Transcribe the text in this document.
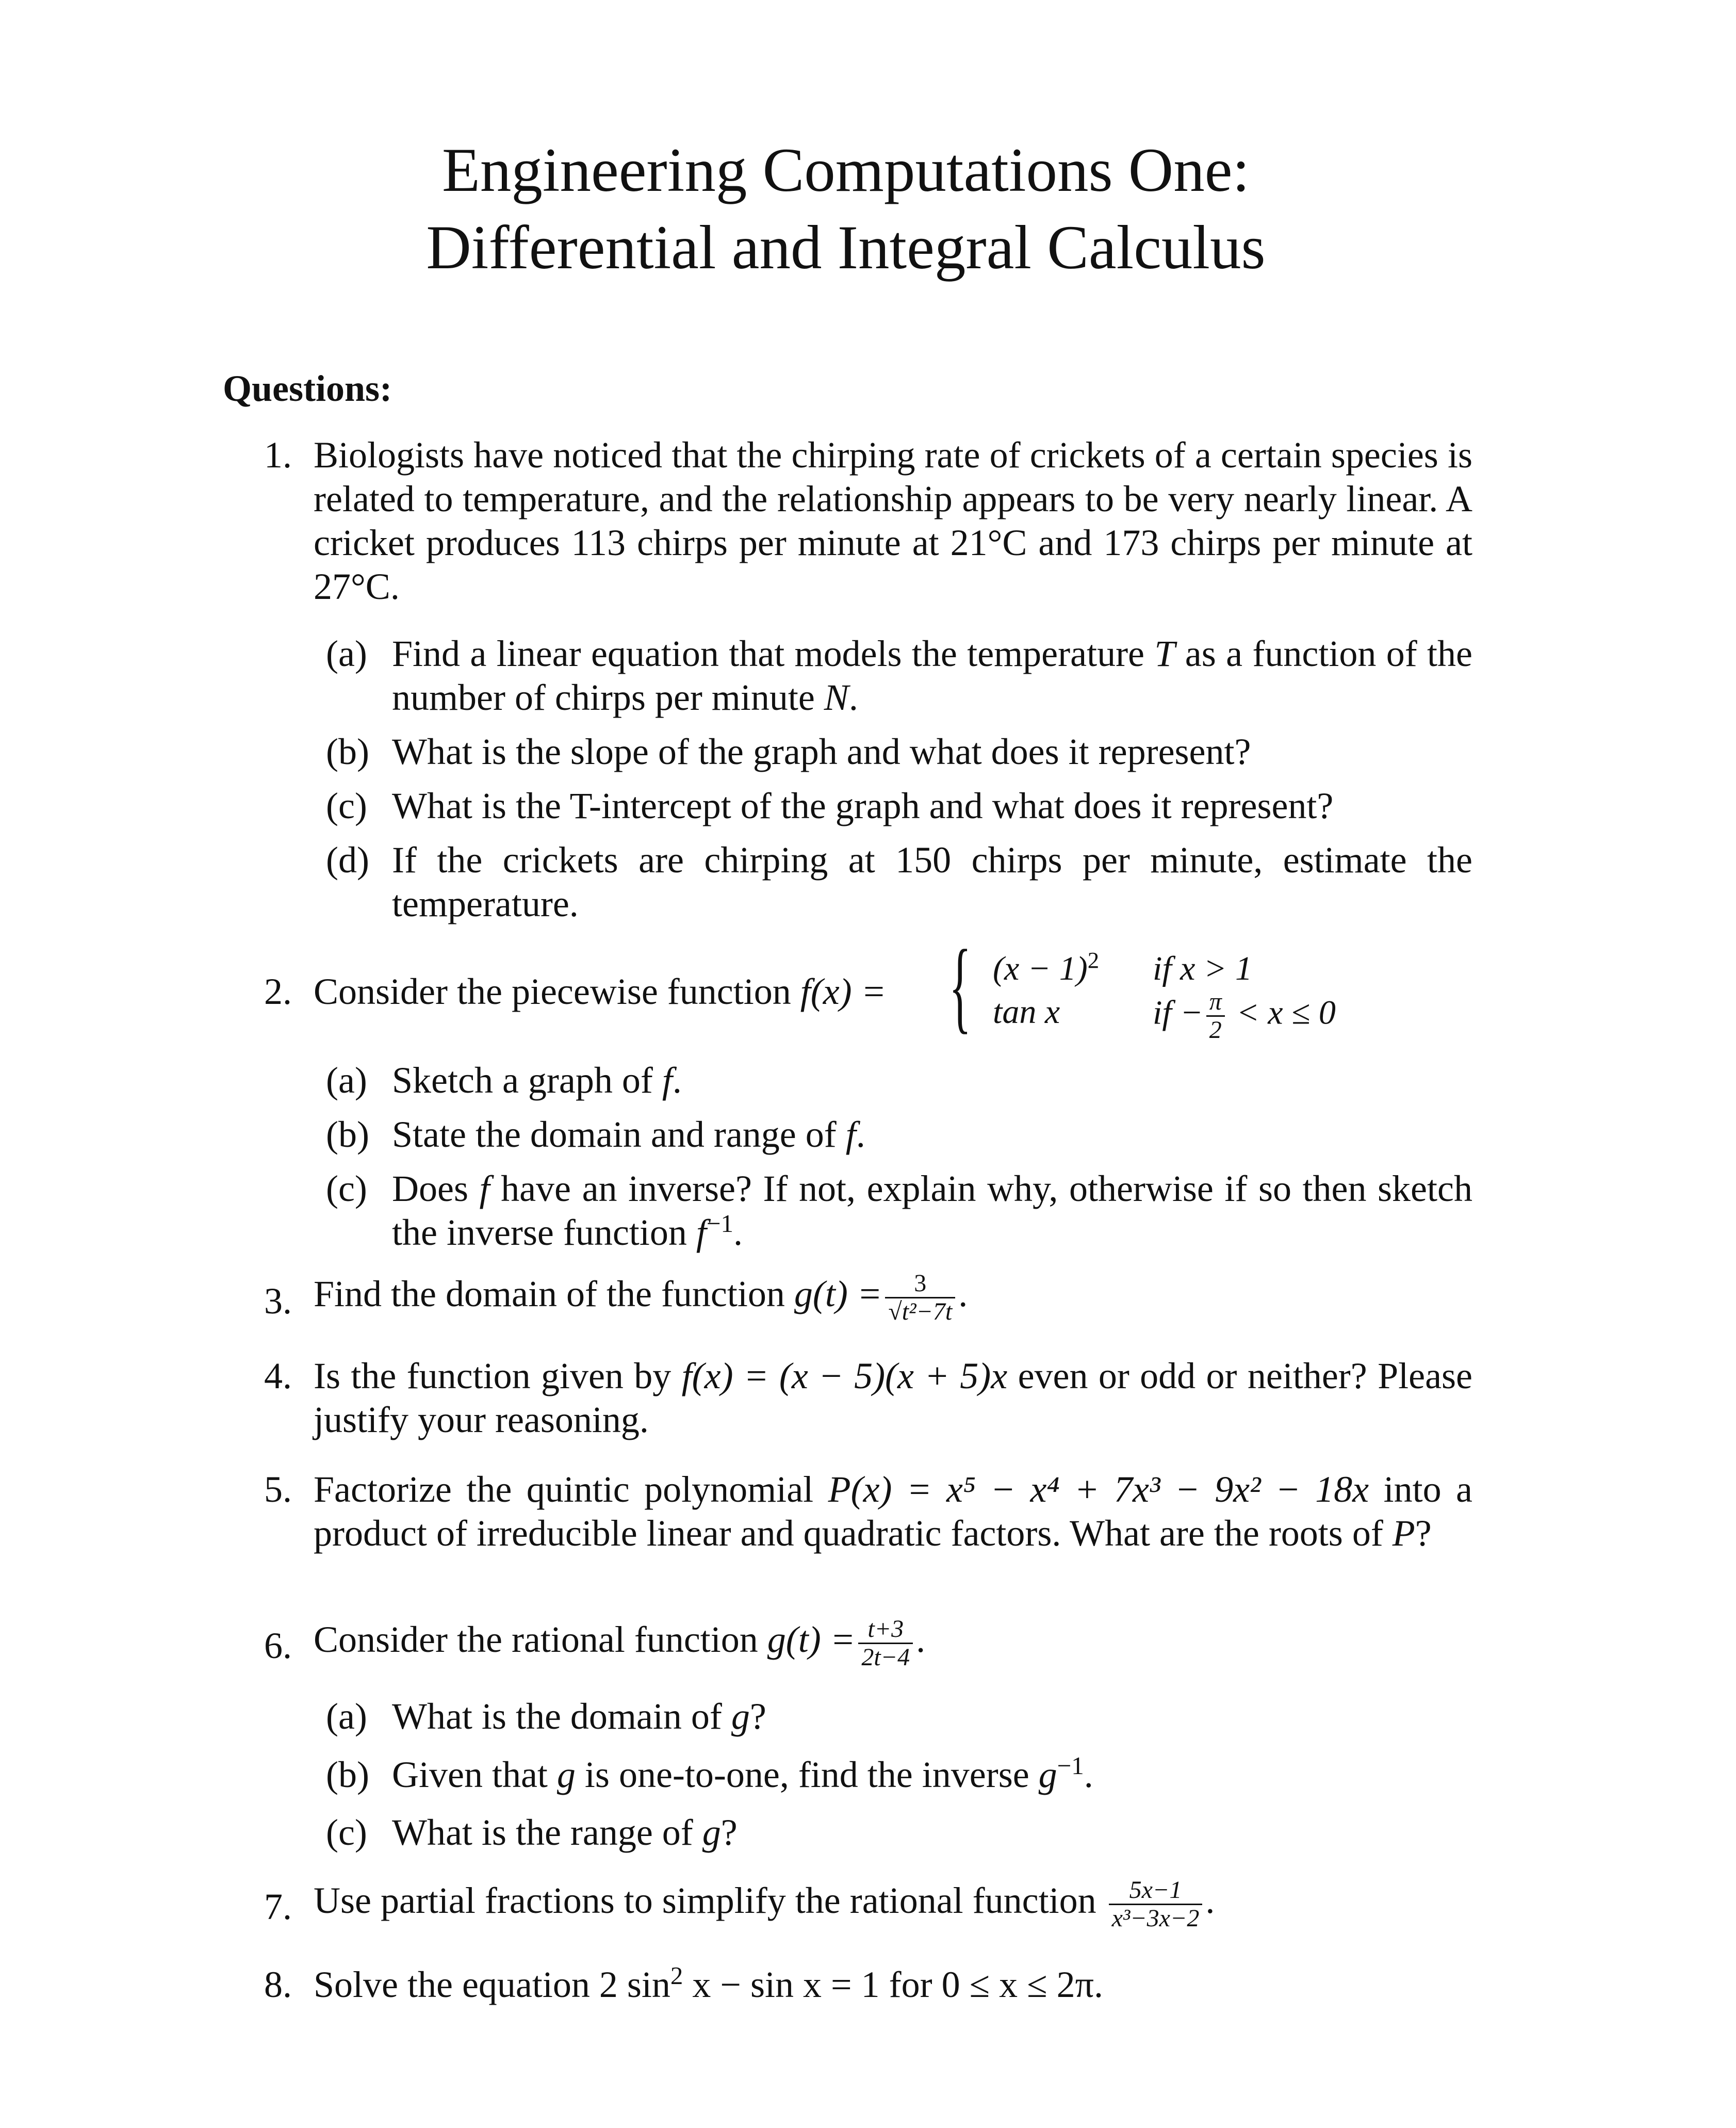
Engineering Computations One:
Differential and Integral Calculus
Questions:
1. Biologists have noticed that the chirping rate of crickets of a certain species is related to temperature, and the relationship appears to be very nearly linear. A cricket produces 113 chirps per minute at 21°C and 173 chirps per minute at 27°C.
(a) Find a linear equation that models the temperature T as a function of the number of chirps per minute N.
(b) What is the slope of the graph and what does it represent?
(c) What is the T-intercept of the graph and what does it represent?
(d) If the crickets are chirping at 150 chirps per minute, estimate the temperature.
2. Consider the piecewise function f(x) = { $(x - 1)^2$ if x > 1
tan x	if − $\frac{\pi}{2} < x \le 0$
(a) Sketch a graph of f.
(b) State the domain and range of f.
(c) Does f have an inverse? If not, explain why, otherwise if so then sketch the inverse function $f^{-1}$.
3. Find the domain of the function $g(t) = \frac{3}{\text{√t²−7t}}$ .
4. Is the function given by f(x) = (x − 5)(x + 5)x even or odd or neither? Please justify your reasoning.
5. Factorize the quintic polynomial P(x) = x⁵ − x⁴ + 7x³ − 9x² − 18x into a product of irreducible linear and quadratic factors. What are the roots of P?
6. Consider the rational function $g(t) = \frac{t+3}{2t-4}$ .
(a) What is the domain of g?
(b) Given that g is one-to-one, find the inverse $g^{-1}$.
(c) What is the range of g?
7. Use partial fractions to simplify the rational function $\frac{5x-1}{\text{x³−3x−2}}$ .
8. Solve the equation 2 $\sin^2 x - \sin x = 1$ for 0 ≤ x ≤ 2π.
